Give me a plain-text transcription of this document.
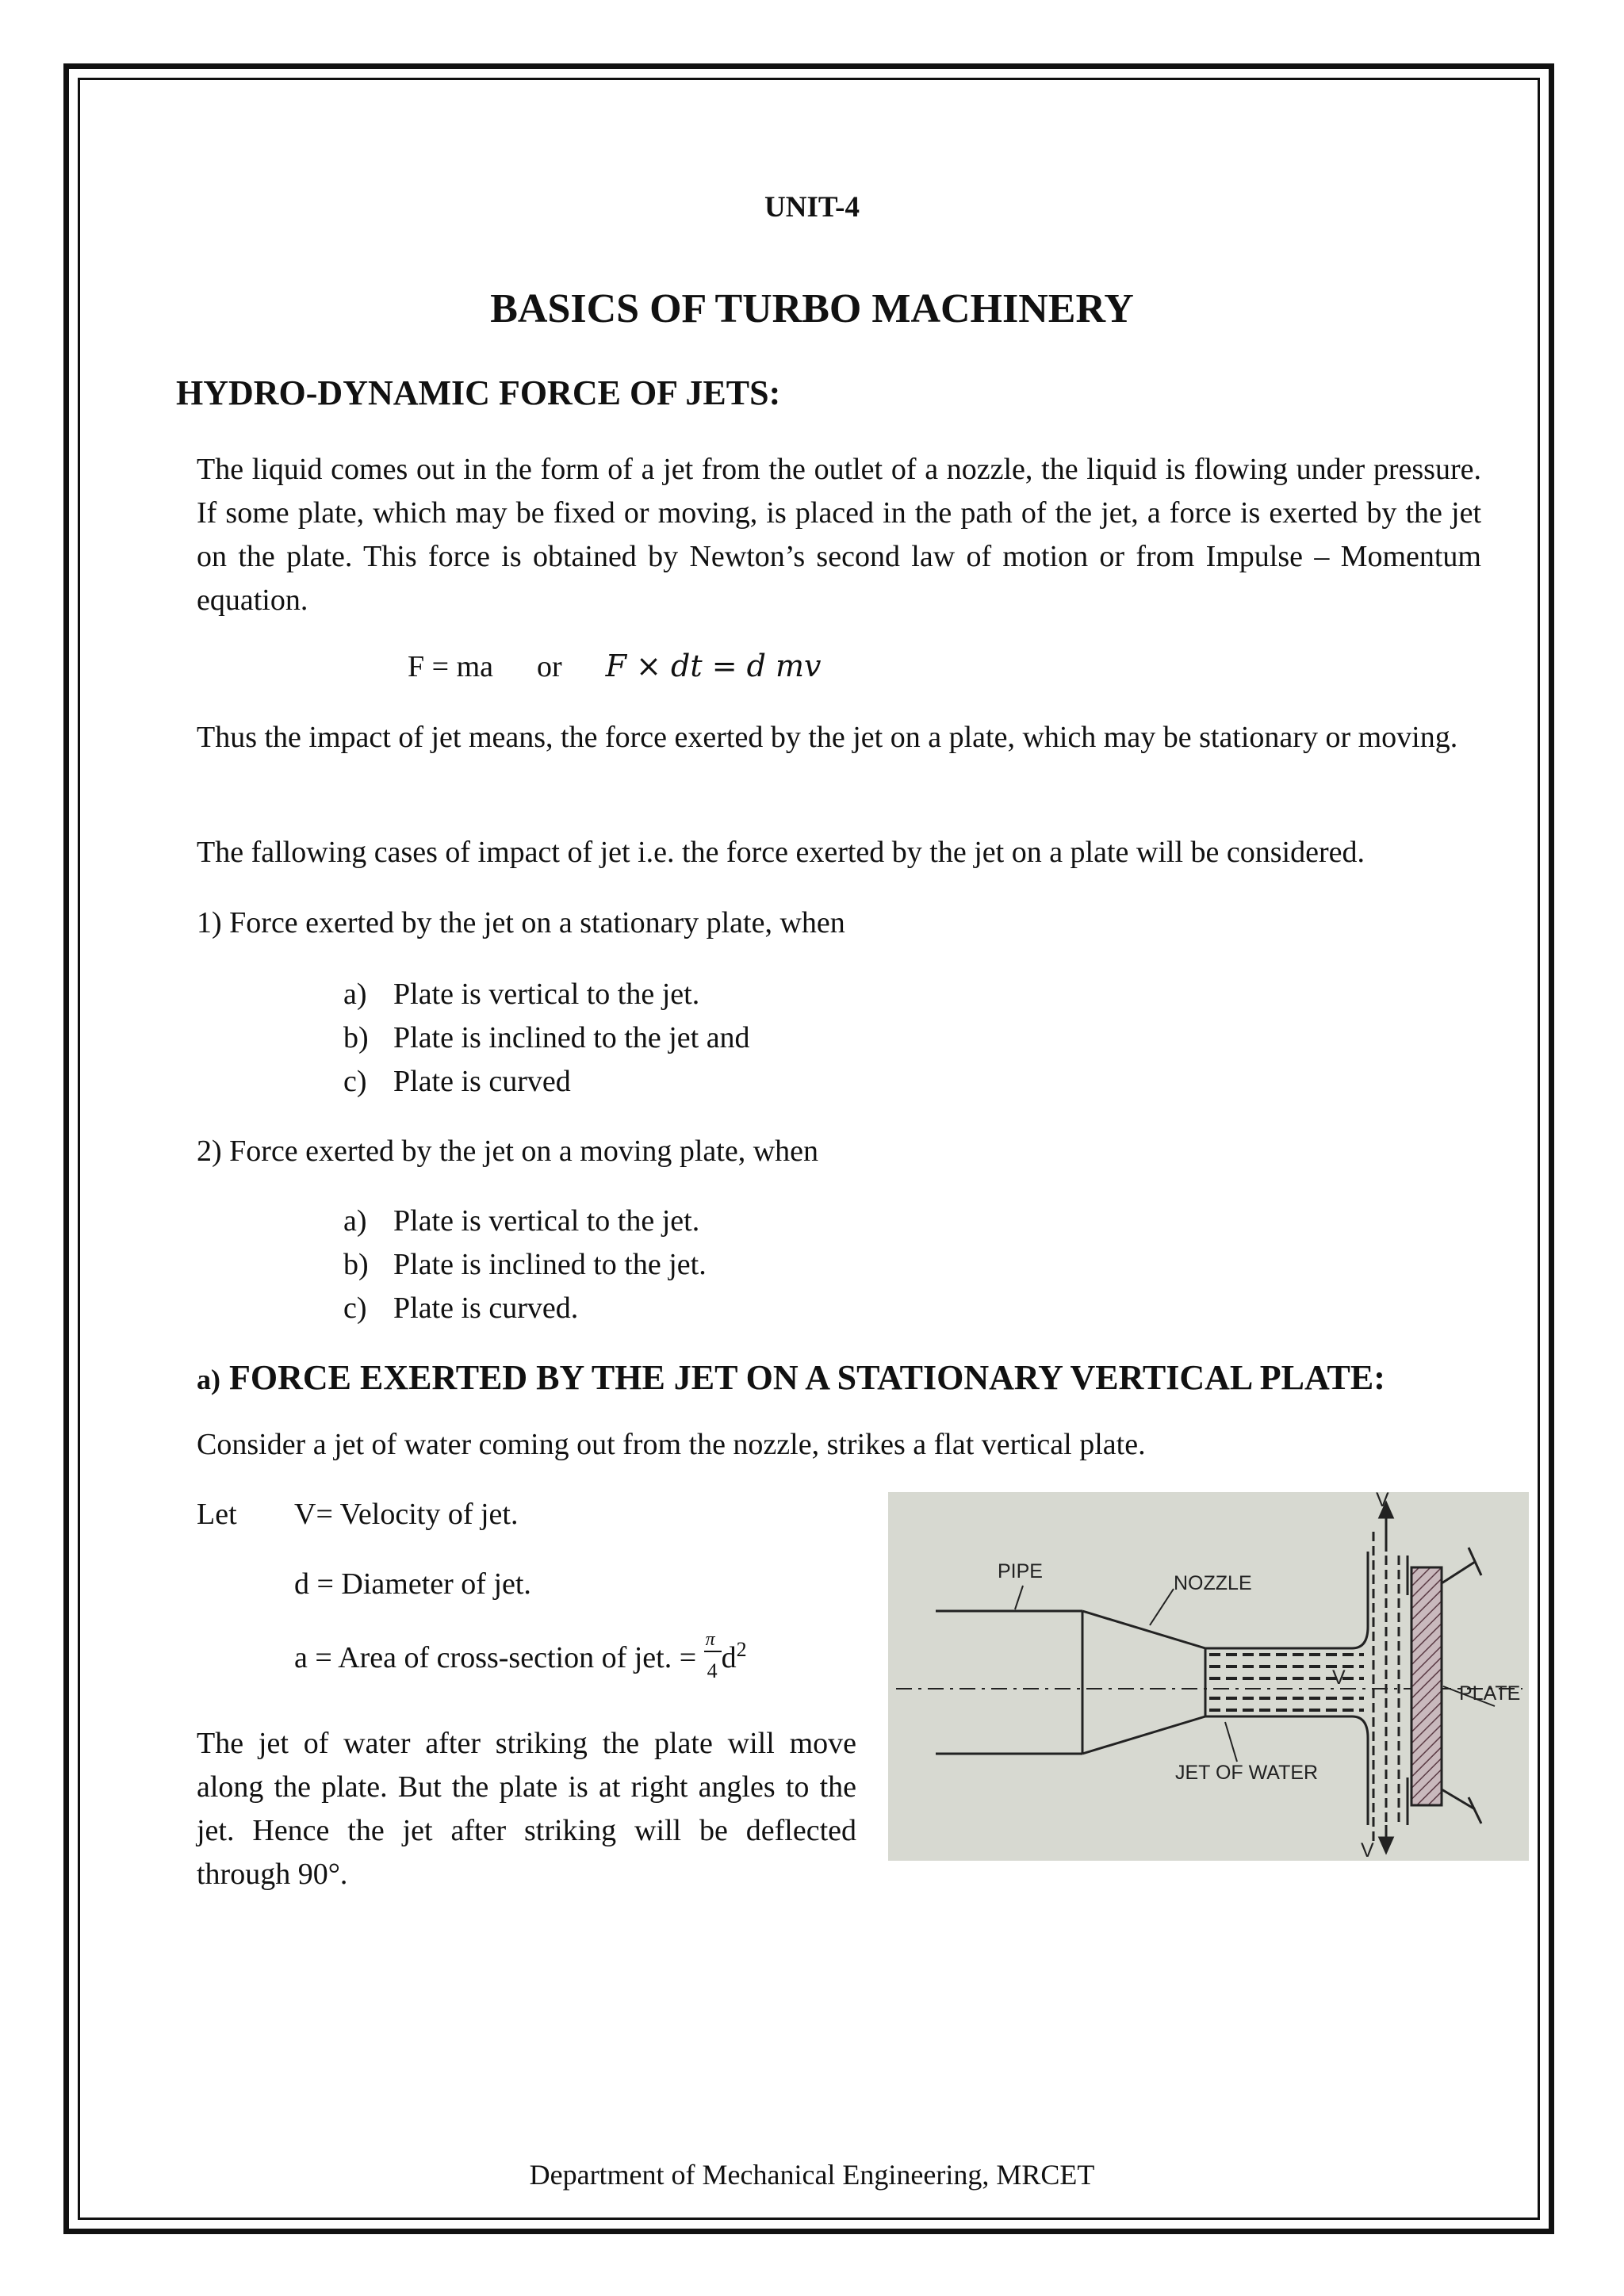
UNIT-4
BASICS OF TURBO MACHINERY
HYDRO-DYNAMIC FORCE OF JETS:
The liquid comes out in the form of a jet from the outlet of a nozzle, the liquid is flowing under pressure. If some plate, which may be fixed or moving, is placed in the path of the jet, a force is exerted by the jet on the plate. This force is obtained by Newton’s second law of motion or from Impulse – Momentum equation.
F = ma or F × dt = d mv
Thus the impact of jet means, the force exerted by the jet on a plate, which may be stationary or moving.
The fallowing cases of impact of jet i.e. the force exerted by the jet on a plate will be considered.
1) Force exerted by the jet on a stationary plate, when
a) Plate is vertical to the jet.
b) Plate is inclined to the jet and
c) Plate is curved
2) Force exerted by the jet on a moving plate, when
a) Plate is vertical to the jet.
b) Plate is inclined to the jet.
c) Plate is curved.
a) FORCE EXERTED BY THE JET ON A STATIONARY VERTICAL PLATE:
Consider a jet of water coming out from the nozzle, strikes a flat vertical plate.
Let V= Velocity of jet.
d = Diameter of jet.
a = Area of cross-section of jet. = $\frac{\pi}{4} d^2$
The jet of water after striking the plate will move along the plate. But the plate is at right angles to the jet. Hence the jet after striking will be deflected through 90°.
PIPE
NOZZLE
PLATE
JET OF WATER
V
V
V
Department of Mechanical Engineering, MRCET
